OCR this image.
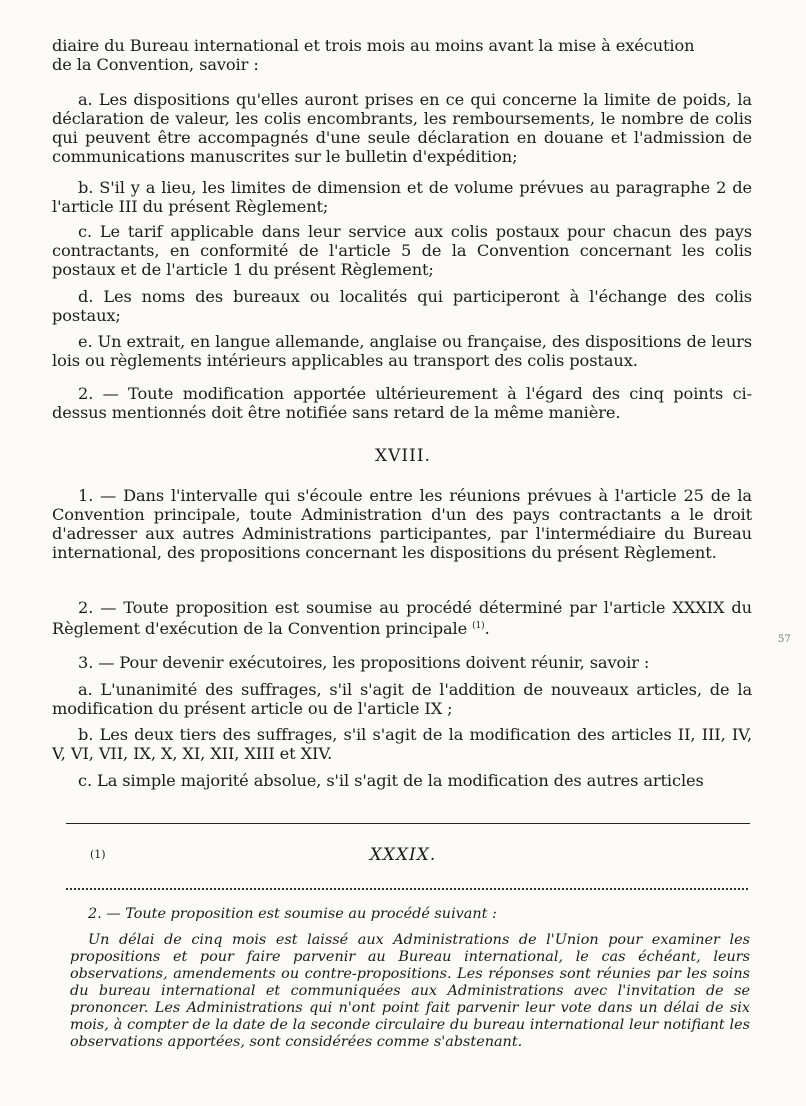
diaire du Bureau international et trois mois au moins avant la mise à exécution

de la Convention, savoir :

a. Les dispositions qu'elles auront prises en ce qui concerne la limite de poids, la déclaration de valeur, les colis encombrants, les remboursements, le nombre de colis qui peuvent être accompagnés d'une seule déclaration en douane et l'admission de communications manuscrites sur le bulletin d'expédition;

b. S'il y a lieu, les limites de dimension et de volume prévues au paragraphe 2 de l'article III du présent Règlement;

c. Le tarif applicable dans leur service aux colis postaux pour chacun des pays contractants, en conformité de l'article 5 de la Convention concernant les colis postaux et de l'article 1 du présent Règlement;

d. Les noms des bureaux ou localités qui participeront à l'échange des colis postaux;

e. Un extrait, en langue allemande, anglaise ou française, des dispositions de leurs lois ou règlements intérieurs applicables au transport des colis postaux.

2. — Toute modification apportée ultérieurement à l'égard des cinq points ci-dessus mentionnés doit être notifiée sans retard de la même manière.

XVIII.

1. — Dans l'intervalle qui s'écoule entre les réunions prévues à l'article 25 de la Convention principale, toute Administration d'un des pays contractants a le droit d'adresser aux autres Administrations participantes, par l'intermédiaire du Bureau international, des propositions concernant les dispositions du présent Règlement.

2. — Toute proposition est soumise au procédé déterminé par l'article XXXIX du Règlement d'exécution de la Convention principale $^{(1)}$.

3. — Pour devenir exécutoires, les propositions doivent réunir, savoir :

a. L'unanimité des suffrages, s'il s'agit de l'addition de nouveaux articles, de la modification du présent article ou de l'article IX ;

b. Les deux tiers des suffrages, s'il s'agit de la modification des articles II, III, IV, V, VI, VII, IX, X, XI, XII, XIII et XIV.

c. La simple majorité absolue, s'il s'agit de la modification des autres articles

(1)	XXXIX.

2. — Toute proposition est soumise au procédé suivant :

Un délai de cinq mois est laissé aux Administrations de l'Union pour examiner les propositions et pour faire parvenir au Bureau international, le cas échéant, leurs observations, amendements ou contre-propositions. Les réponses sont réunies par les soins du bureau international et communiquées aux Administrations avec l'invitation de se prononcer. Les Administrations qui n'ont point fait parvenir leur vote dans un délai de six mois, à compter de la date de la seconde circulaire du bureau international leur notifiant les observations apportées, sont considérées comme s'abstenant.

57
